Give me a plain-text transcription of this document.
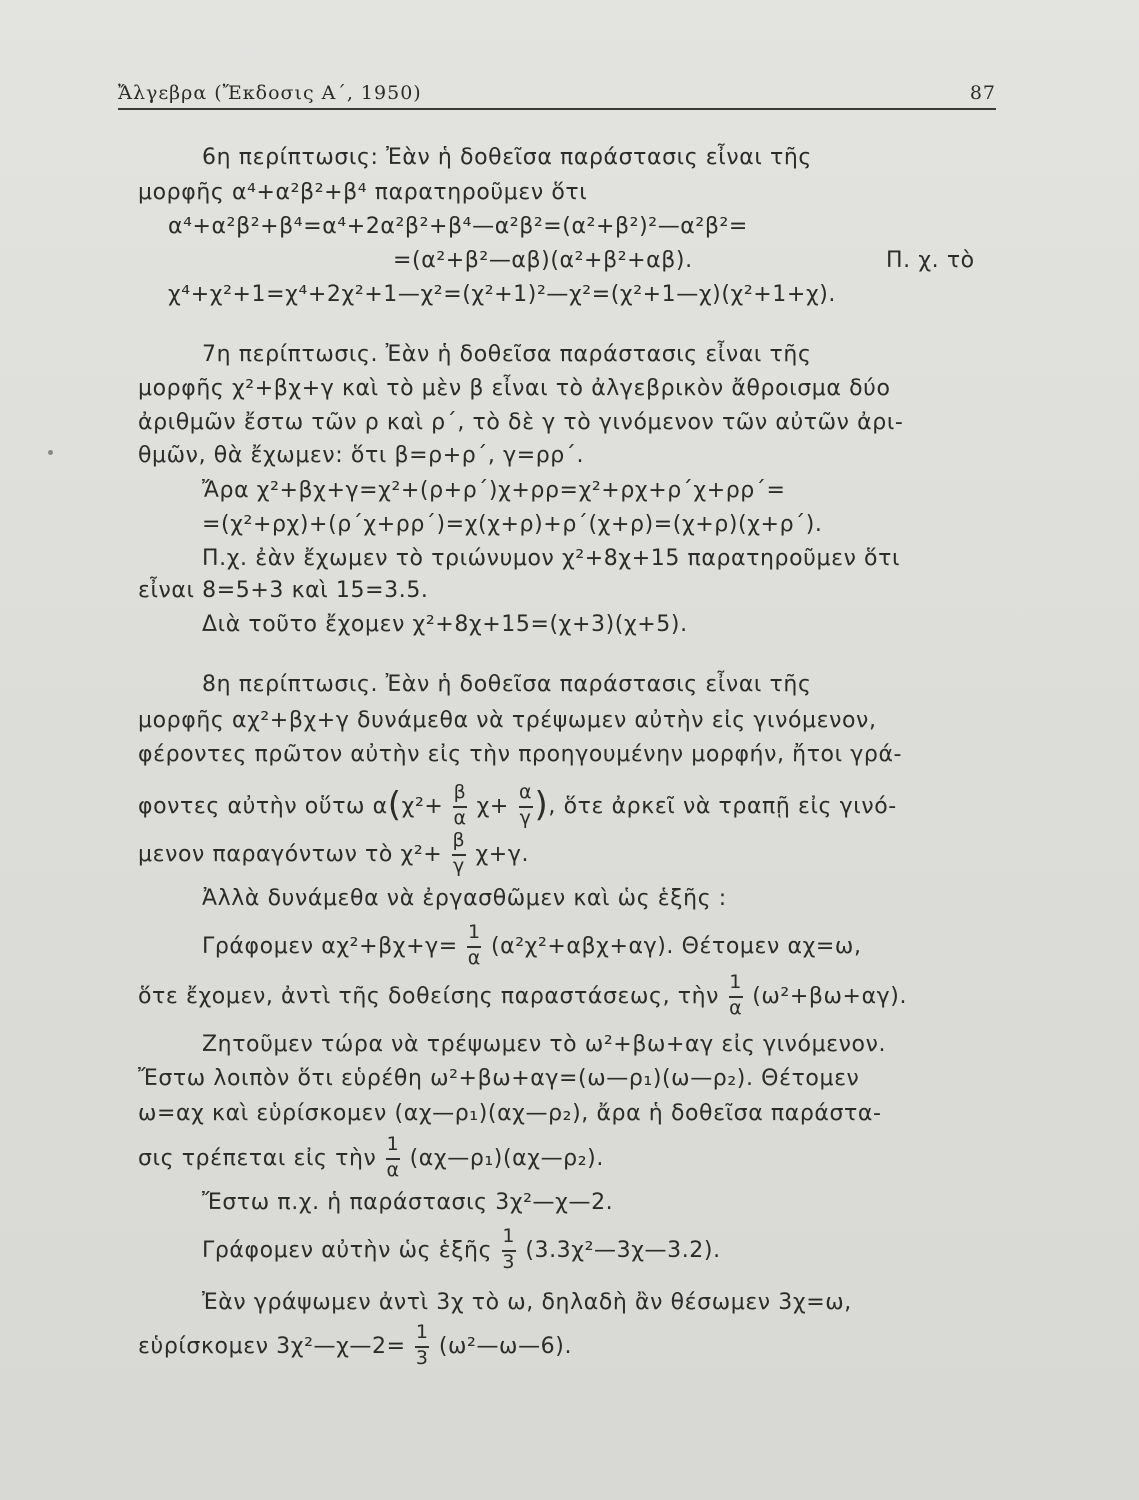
Ἄλγεβρα (Ἔκδοσις Α΄, 1950)	87
6η περίπτωσις: Ἐὰν ἡ δοθεῖσα παράστασις εἶναι τῆς
μορφῆς α⁴+α²β²+β⁴ παρατηροῦμεν ὅτι
α⁴+α²β²+β⁴=α⁴+2α²β²+β⁴—α²β²=(α²+β²)²—α²β²=
=(α²+β²—αβ)(α²+β²+αβ).	Π. χ. τὸ
χ⁴+χ²+1=χ⁴+2χ²+1—χ²=(χ²+1)²—χ²=(χ²+1—χ)(χ²+1+χ).
7η περίπτωσις. Ἐὰν ἡ δοθεῖσα παράστασις εἶναι τῆς
μορφῆς χ²+βχ+γ καὶ τὸ μὲν β εἶναι τὸ ἀλγεβρικὸν ἄθροισμα δύο
ἀριθμῶν ἔστω τῶν ρ καὶ ρ΄, τὸ δὲ γ τὸ γινόμενον τῶν αὐτῶν ἀρι-
θμῶν, θὰ ἔχωμεν: ὅτι β=ρ+ρ΄, γ=ρρ΄.
Ἄρα χ²+βχ+γ=χ²+(ρ+ρ΄)χ+ρρ=χ²+ρχ+ρ΄χ+ρρ΄=
=(χ²+ρχ)+(ρ΄χ+ρρ΄)=χ(χ+ρ)+ρ΄(χ+ρ)=(χ+ρ)(χ+ρ΄).
Π.χ. ἐὰν ἔχωμεν τὸ τριώνυμον χ²+8χ+15 παρατηροῦμεν ὅτι
εἶναι 8=5+3 καὶ 15=3.5.
Διὰ τοῦτο ἔχομεν χ²+8χ+15=(χ+3)(χ+5).
8η περίπτωσις. Ἐὰν ἡ δοθεῖσα παράστασις εἶναι τῆς
μορφῆς αχ²+βχ+γ δυνάμεθα νὰ τρέψωμεν αὐτὴν εἰς γινόμενον,
φέροντες πρῶτον αὐτὴν εἰς τὴν προηγουμένην μορφήν, ἤτοι γρά-
φοντες αὐτὴν οὕτω $\alpha(\chi^2+ \frac{\beta}{\alpha} \chi+ \frac{\alpha}{\gamma}$ ), ὅτε ἀρκεῖ νὰ τραπῇ εἰς γινό-
μενον παραγόντων τὸ $\chi^2+ \frac{\beta}{\gamma} \chi+\gamma$.
Ἀλλὰ δυνάμεθα νὰ ἐργασθῶμεν καὶ ὡς ἑξῆς :
Γράφομεν $\alpha\chi^2+\beta\chi+\gamma= \frac{1}{\alpha} (\alpha^2\chi^2+\alpha\beta\chi+\alpha\gamma)$. Θέτομεν αχ=ω,
ὅτε ἔχομεν, ἀντὶ τῆς δοθείσης παραστάσεως, τὴν $\frac{1}{\alpha} (\omega^2+\beta\omega+\alpha\gamma)$.
Ζητοῦμεν τώρα νὰ τρέψωμεν τὸ ω²+βω+αγ εἰς γινόμενον.
Ἔστω λοιπὸν ὅτι εὑρέθη ω²+βω+αγ=(ω—ρ₁)(ω—ρ₂). Θέτομεν
ω=αχ καὶ εὑρίσκομεν (αχ—ρ₁)(αχ—ρ₂), ἄρα ἡ δοθεῖσα παράστα-
σις τρέπεται εἰς τὴν $\frac{1}{\alpha}$ (αχ—ρ₁)(αχ—ρ₂).
Ἔστω π.χ. ἡ παράστασις 3χ²—χ—2.
Γράφομεν αὐτὴν ὡς ἑξῆς $\frac{1}{3}$ (3.3χ²—3χ—3.2).
Ἐὰν γράψωμεν ἀντὶ 3χ τὸ ω, δηλαδὴ ἂν θέσωμεν 3χ=ω,
εὑρίσκομεν 3χ²—χ—2= $\frac{1}{3}$ (ω²—ω—6).
